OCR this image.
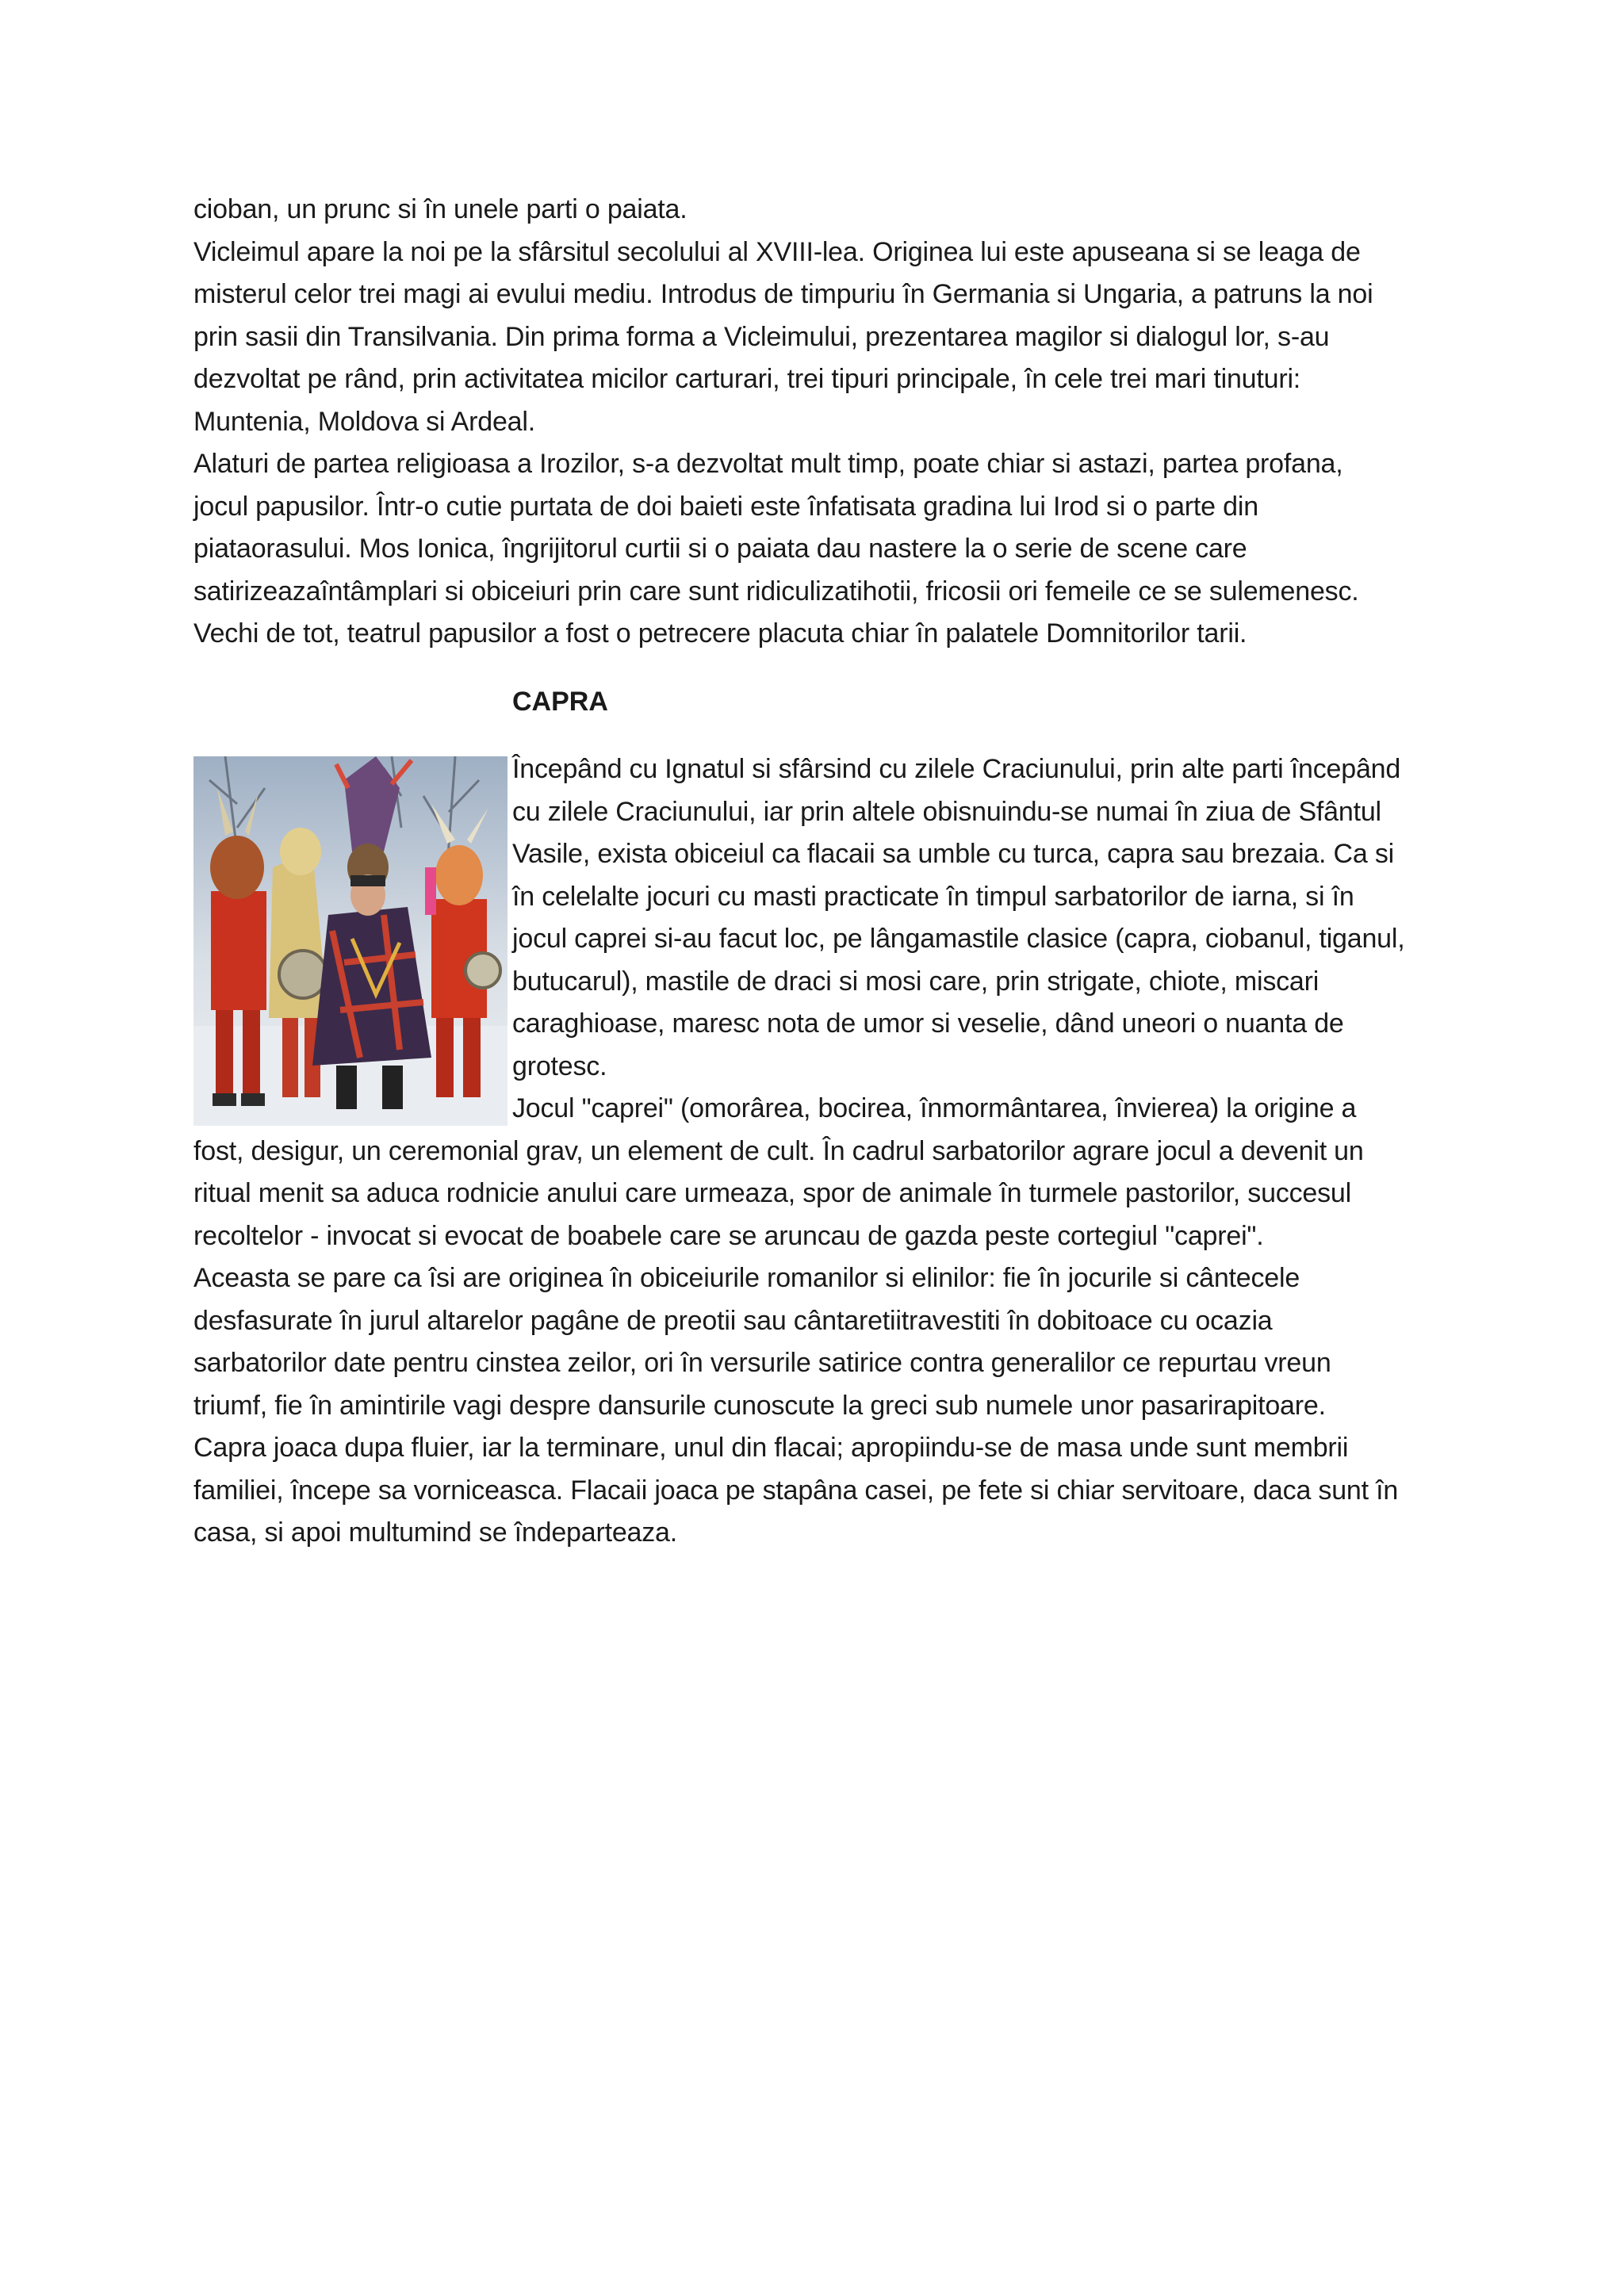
cioban, un prunc si în unele parti o paiata.
Vicleimul apare la noi pe la sfârsitul secolului al XVIII-lea. Originea lui este apuseana si se leaga de
misterul celor trei magi ai evului mediu. Introdus de timpuriu în Germania si Ungaria, a patruns la noi
prin sasii din Transilvania. Din prima forma a Vicleimului, prezentarea magilor si dialogul lor, s-au
dezvoltat pe rând, prin activitatea micilor carturari, trei tipuri principale, în cele trei mari tinuturi:
Muntenia, Moldova si Ardeal.
Alaturi de partea religioasa a Irozilor, s-a dezvoltat mult timp, poate chiar si astazi, partea profana,
jocul papusilor. Într-o cutie purtata de doi baieti este înfatisata gradina lui Irod si o parte din
piataorasului. Mos Ionica, îngrijitorul curtii si o paiata dau nastere la o serie de scene care
satirizeazaîntâmplari si obiceiuri prin care sunt ridiculizatihotii, fricosii ori femeile ce se sulemenesc.
Vechi de tot, teatrul papusilor a fost o petrecere placuta chiar în palatele Domnitorilor tarii.
CAPRA
Începând cu Ignatul si sfârsind cu zilele Craciunului, prin alte parti începând
cu zilele Craciunului, iar prin altele obisnuindu-se numai în ziua de Sfântul
Vasile, exista obiceiul ca flacaii sa umble cu turca, capra sau brezaia. Ca si
în celelalte jocuri cu masti practicate în timpul sarbatorilor de iarna, si în
jocul caprei si-au facut loc, pe lângamastile clasice (capra, ciobanul, tiganul,
butucarul), mastile de draci si mosi care, prin strigate, chiote, miscari
caraghioase, maresc nota de umor si veselie, dând uneori o nuanta de
grotesc.
Jocul "caprei" (omorârea, bocirea, înmormântarea, învierea) la origine a
fost, desigur, un ceremonial grav, un element de cult. În cadrul sarbatorilor agrare jocul a devenit un
ritual menit sa aduca rodnicie anului care urmeaza, spor de animale în turmele pastorilor, succesul
recoltelor - invocat si evocat de boabele care se aruncau de gazda peste cortegiul "caprei".
Aceasta se pare ca îsi are originea în obiceiurile romanilor si elinilor: fie în jocurile si cântecele
desfasurate în jurul altarelor pagâne de preotii sau cântaretiitravestiti în dobitoace cu ocazia
sarbatorilor date pentru cinstea zeilor, ori în versurile satirice contra generalilor ce repurtau vreun
triumf, fie în amintirile vagi despre dansurile cunoscute la greci sub numele unor pasarirapitoare.
Capra joaca dupa fluier, iar la terminare, unul din flacai; apropiindu-se de masa unde sunt membrii
familiei, începe sa vorniceasca. Flacaii joaca pe stapâna casei, pe fete si chiar servitoare, daca sunt în
casa, si apoi multumind se îndeparteaza.
